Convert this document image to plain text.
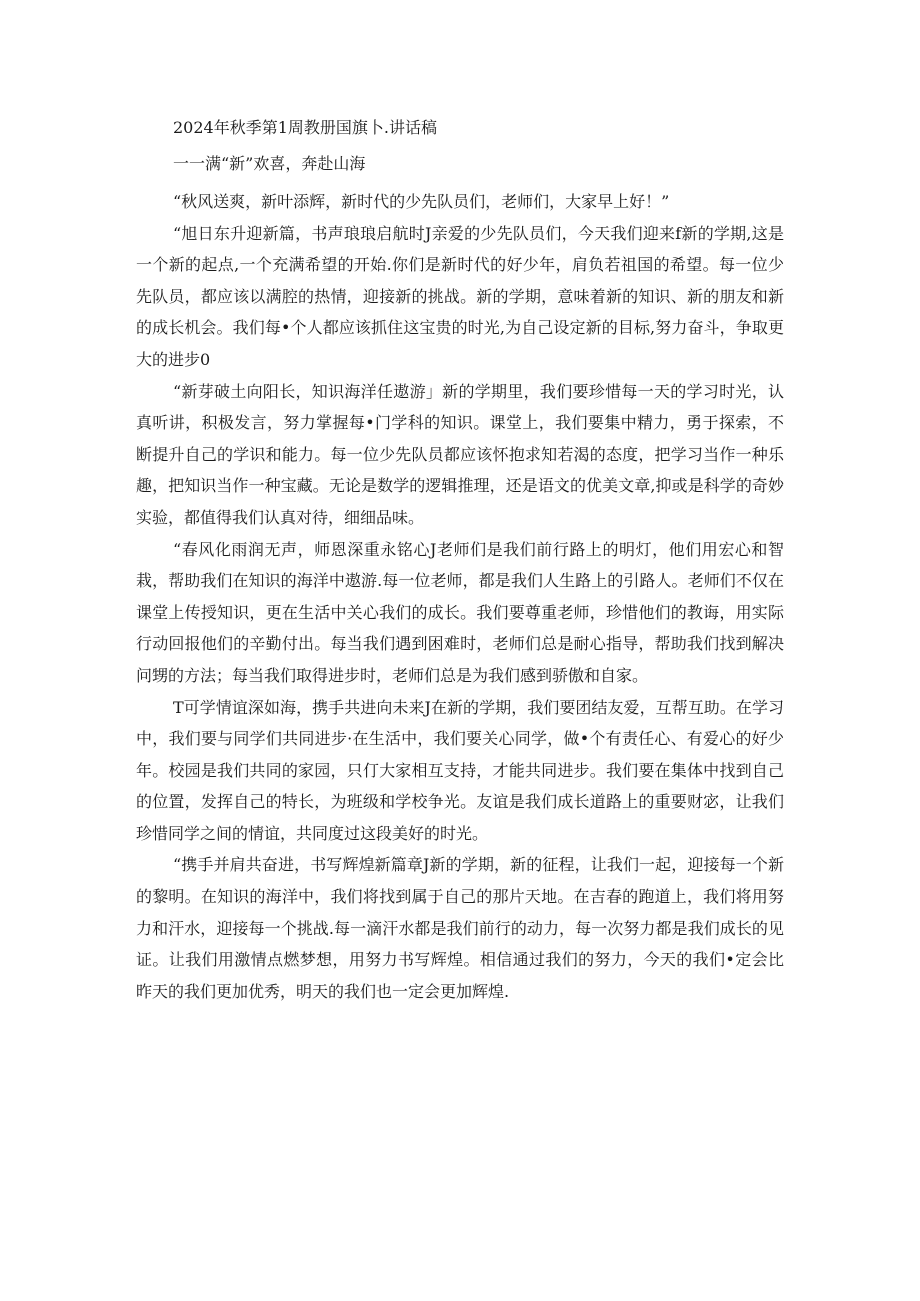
2024年秋季第1周教册国旗卜.讲话稿
一一满“新”欢喜，奔赴山海

“秋风送爽，新叶添辉，新时代的少先队员们，老师们，大家早上好！”

“旭日东升迎新篇，书声琅琅启航时J亲爱的少先队员们，今天我们迎来f新的学期,这是一个新的起点,一个充满希望的开始.你们是新时代的好少年，肩负若祖国的希望。每一位少先队员，都应该以满腔的热情，迎接新的挑战。新的学期，意味着新的知识、新的朋友和新的成长机会。我们每•个人都应该抓住这宝贵的时光,为自己设定新的目标,努力奋斗，争取更大的进步0

“新芽破土向阳长，知识海洋任遨游」新的学期里，我们要珍惜每一天的学习时光，认真听讲，积极发言，努力掌握每•门学科的知识。课堂上，我们要集中精力，勇于探索，不断提升自己的学识和能力。每一位少先队员都应该怀抱求知若渴的态度，把学习当作一种乐趣，把知识当作一种宝藏。无论是数学的逻辑推理，还是语文的优美文章,抑或是科学的奇妙实验，都值得我们认真对待，细细品味。

“春风化雨润无声，师恩深重永铭心J老师们是我们前行路上的明灯，他们用宏心和智栽，帮助我们在知识的海洋中遨游.每一位老师，都是我们人生路上的引路人。老师们不仅在课堂上传授知识，更在生活中关心我们的成长。我们要尊重老师，珍惜他们的教诲，用实际行动回报他们的辛勤付出。每当我们遇到困难时，老师们总是耐心指导，帮助我们找到解决问甥的方法；每当我们取得进步时，老师们总是为我们感到骄傲和自家。

T可学情谊深如海，携手共进向未来J在新的学期，我们要团结友爱，互帮互助。在学习中，我们要与同学们共同进步·在生活中，我们要关心同学，做•个有责任心、有爱心的好少年。校园是我们共同的家园，只仃大家相互支持，才能共同进步。我们要在集体中找到自己的位置，发挥自己的特长，为班级和学校争光。友谊是我们成长道路上的重要财宓，让我们珍惜同学之间的情谊，共同度过这段美好的时光。

“携手并肩共奋进，书写辉煌新篇章J新的学期，新的征程，让我们一起，迎接每一个新的黎明。在知识的海洋中，我们将找到属于自己的那片天地。在吉春的跑道上，我们将用努力和汗水，迎接每一个挑战.每一滴汗水都是我们前行的动力，每一次努力都是我们成长的见证。让我们用激情点燃梦想，用努力书写辉煌。相信通过我们的努力，今天的我们•定会比昨天的我们更加优秀，明天的我们也一定会更加辉煌.
